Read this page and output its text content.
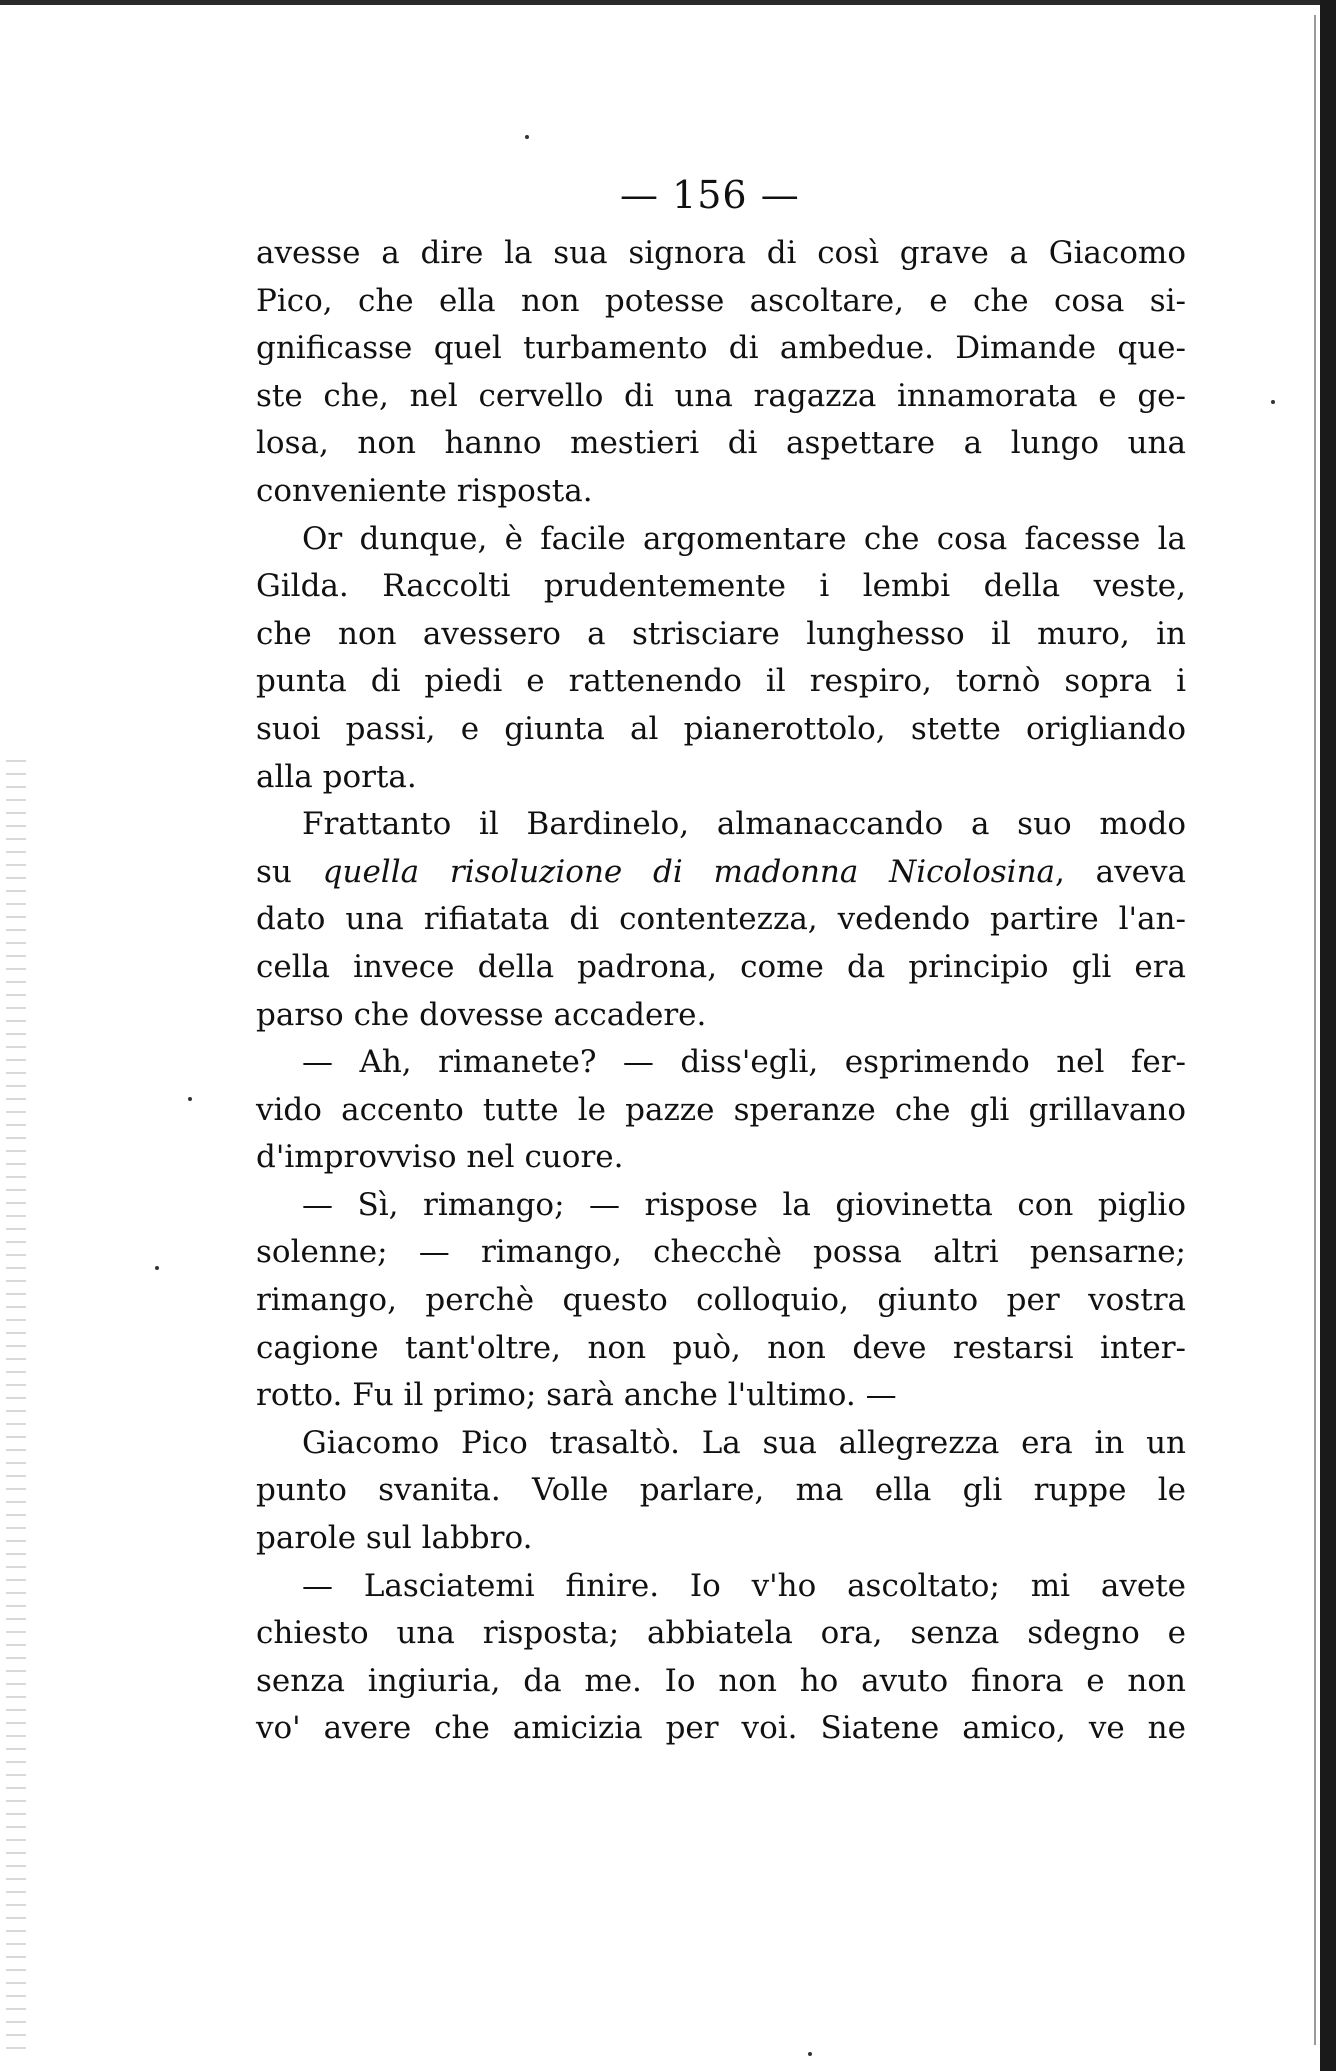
— 156 —
avesse a dire la sua signora di così grave a Giacomo
Pico, che ella non potesse ascoltare, e che cosa si-
gnificasse quel turbamento di ambedue. Dimande que-
ste che, nel cervello di una ragazza innamorata e ge-
losa, non hanno mestieri di aspettare a lungo una
conveniente risposta.
Or dunque, è facile argomentare che cosa facesse la
Gilda. Raccolti prudentemente i lembi della veste,
che non avessero a strisciare lunghesso il muro, in
punta di piedi e rattenendo il respiro, tornò sopra i
suoi passi, e giunta al pianerottolo, stette origliando
alla porta.
Frattanto il Bardinelo, almanaccando a suo modo
su quella risoluzione di madonna Nicolosina, aveva
dato una rifiatata di contentezza, vedendo partire l'an-
cella invece della padrona, come da principio gli era
parso che dovesse accadere.
— Ah, rimanete? — diss'egli, esprimendo nel fer-
vido accento tutte le pazze speranze che gli grillavano
d'improvviso nel cuore.
— Sì, rimango; — rispose la giovinetta con piglio
solenne; — rimango, checchè possa altri pensarne;
rimango, perchè questo colloquio, giunto per vostra
cagione tant'oltre, non può, non deve restarsi inter-
rotto. Fu il primo; sarà anche l'ultimo. —
Giacomo Pico trasaltò. La sua allegrezza era in un
punto svanita. Volle parlare, ma ella gli ruppe le
parole sul labbro.
— Lasciatemi finire. Io v'ho ascoltato; mi avete
chiesto una risposta; abbiatela ora, senza sdegno e
senza ingiuria, da me. Io non ho avuto finora e non
vo' avere che amicizia per voi. Siatene amico, ve ne
